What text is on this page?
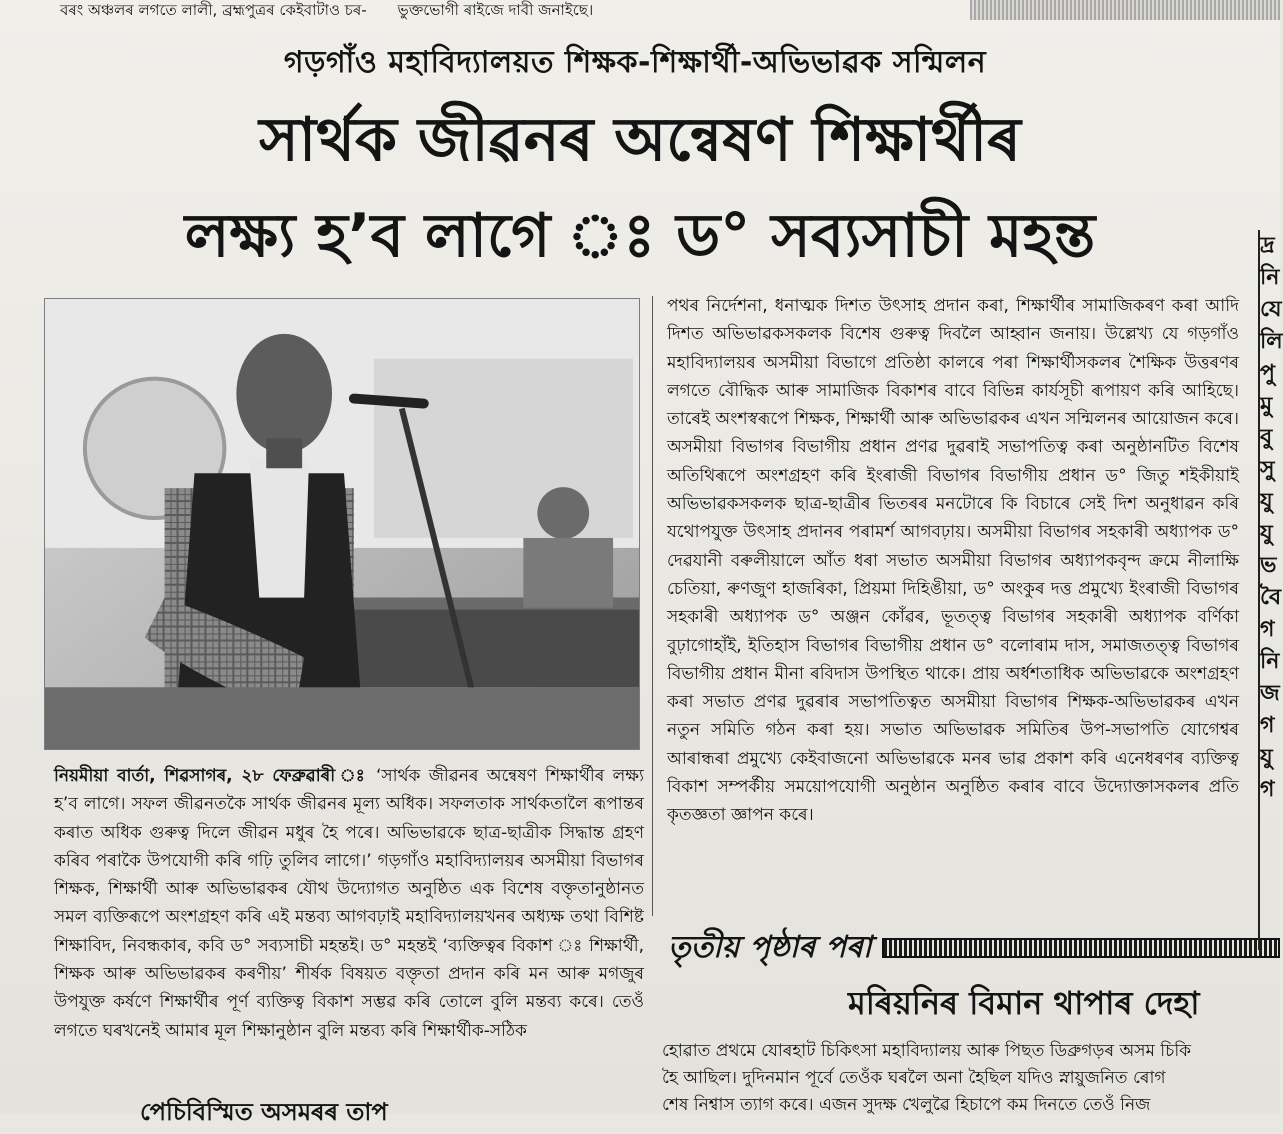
বৰং অঞ্চলৰ লগতে লালী, ব্ৰহ্মপুত্ৰৰ কেইবাটাও চৰ- ভুক্তভোগী ৰাইজে দাবী জনাইছে।
গড়গাঁও মহাবিদ্যালয়ত শিক্ষক-শিক্ষাৰ্থী-অভিভাৱক সন্মিলন
সাৰ্থক জীৱনৰ অন্বেষণ শিক্ষাৰ্থীৰ
লক্ষ্য হ’ব লাগে ঃ ড° সব্যসাচী মহন্ত

নিয়মীয়া বাৰ্তা, শিৱসাগৰ, ২৮ ফেব্ৰুৱাৰী ঃ ‘সাৰ্থক জীৱনৰ অন্বেষণ শিক্ষাৰ্থীৰ লক্ষ্য হ’ব লাগে। সফল জীৱনতকৈ সাৰ্থক জীৱনৰ মূল্য অধিক। সফলতাক সাৰ্থকতালৈ ৰূপান্তৰ কৰাত অধিক গুৰুত্ব দিলে জীৱন মধুৰ হৈ পৰে। অভিভাৱকে ছাত্ৰ-ছাত্ৰীক সিদ্ধান্ত গ্ৰহণ কৰিব পৰাকৈ উপযোগী কৰি গঢ়ি তুলিব লাগে।’ গড়গাঁও মহাবিদ্যালয়ৰ অসমীয়া বিভাগৰ শিক্ষক, শিক্ষাৰ্থী আৰু অভিভাৱকৰ যৌথ উদ্যোগত অনুষ্ঠিত এক বিশেষ বক্তৃতানুষ্ঠানত সমল ব্যক্তিৰূপে অংশগ্ৰহণ কৰি এই মন্তব্য আগবঢ়াই মহাবিদ্যালয়খনৰ অধ্যক্ষ তথা বিশিষ্ট শিক্ষাবিদ, নিবন্ধকাৰ, কবি ড° সব্যসাচী মহন্তই। ড° মহন্তই ‘ব্যক্তিত্বৰ বিকাশ ঃ শিক্ষাৰ্থী, শিক্ষক আৰু অভিভাৱকৰ কৰণীয়’ শীৰ্ষক বিষয়ত বক্তৃতা প্ৰদান কৰি মন আৰু মগজুৰ উপযুক্ত কৰ্ষণে শিক্ষাৰ্থীৰ পূৰ্ণ ব্যক্তিত্ব বিকাশ সম্ভৱ কৰি তোলে বুলি মন্তব্য কৰে। তেওঁ লগতে ঘৰখনেই আমাৰ মূল শিক্ষানুষ্ঠান বুলি মন্তব্য কৰি শিক্ষাৰ্থীক-সঠিক

পথৰ নিৰ্দেশনা, ধনাত্মক দিশত উৎসাহ প্ৰদান কৰা, শিক্ষাৰ্থীৰ সামাজিকৰণ কৰা আদি দিশত অভিভাৱকসকলক বিশেষ গুৰুত্ব দিবলৈ আহ্বান জনায়। উল্লেখ্য যে গড়গাঁও মহাবিদ্যালয়ৰ অসমীয়া বিভাগে প্ৰতিষ্ঠা কালৰে পৰা শিক্ষাৰ্থীসকলৰ শৈক্ষিক উত্তৰণৰ লগতে বৌদ্ধিক আৰু সামাজিক বিকাশৰ বাবে বিভিন্ন কাৰ্যসূচী ৰূপায়ণ কৰি আহিছে। তাৰেই অংশস্বৰূপে শিক্ষক, শিক্ষাৰ্থী আৰু অভিভাৱকৰ এখন সন্মিলনৰ আয়োজন কৰে। অসমীয়া বিভাগৰ বিভাগীয় প্ৰধান প্ৰণৱ দুৱৰাই সভাপতিত্ব কৰা অনুষ্ঠানটিত বিশেষ অতিথিৰূপে অংশগ্ৰহণ কৰি ইংৰাজী বিভাগৰ বিভাগীয় প্ৰধান ড° জিতু শইকীয়াই অভিভাৱকসকলক ছাত্ৰ-ছাত্ৰীৰ ভিতৰৰ মনটোৰে কি বিচাৰে সেই দিশ অনুধাৱন কৰি যথোপযুক্ত উৎসাহ প্ৰদানৰ পৰামৰ্শ আগবঢ়ায়। অসমীয়া বিভাগৰ সহকাৰী অধ্যাপক ড° দেৱযানী বৰুলীয়ালে আঁত ধৰা সভাত অসমীয়া বিভাগৰ অধ্যাপকবৃন্দ ক্ৰমে নীলাক্ষি চেতিয়া, ৰুণজুণ হাজৰিকা, প্ৰিয়মা দিহিঙীয়া, ড° অংকুৰ দত্ত প্ৰমুখ্যে ইংৰাজী বিভাগৰ সহকাৰী অধ্যাপক ড° অঞ্জন কোঁৱৰ, ভূতত্ত্ব বিভাগৰ সহকাৰী অধ্যাপক বৰ্ণিকা বুঢ়াগোহাঁই, ইতিহাস বিভাগৰ বিভাগীয় প্ৰধান ড° বলোৰাম দাস, সমাজতত্ত্ব বিভাগৰ বিভাগীয় প্ৰধান মীনা ৰবিদাস উপস্থিত থাকে। প্ৰায় অৰ্ধশতাধিক অভিভাৱকে অংশগ্ৰহণ কৰা সভাত প্ৰণৱ দুৱৰাৰ সভাপতিত্বত অসমীয়া বিভাগৰ শিক্ষক-অভিভাৱকৰ এখন নতুন সমিতি গঠন কৰা হয়। সভাত অভিভাৱক সমিতিৰ উপ-সভাপতি যোগেশ্বৰ আৰান্ধৰা প্ৰমুখ্যে কেইবাজনো অভিভাৱকে মনৰ ভাৱ প্ৰকাশ কৰি এনেধৰণৰ ব্যক্তিত্ব বিকাশ সম্পৰ্কীয় সময়োপযোগী অনুষ্ঠান অনুষ্ঠিত কৰাৰ বাবে উদ্যোক্তাসকলৰ প্ৰতি কৃতজ্ঞতা জ্ঞাপন কৰে।

তৃতীয় পৃষ্ঠাৰ পৰা
মৰিয়নিৰ বিমান থাপাৰ দেহা
হোৱাত প্ৰথমে যোৰহাট চিকিৎসা মহাবিদ্যালয় আৰু পিছত ডিব্ৰুগড়ৰ অসম চিকি
হৈ আছিল। দুদিনমান পূৰ্বে তেওঁক ঘৰলৈ অনা হৈছিল যদিও স্নায়ুজনিত ৰোগ
শেষ নিশ্বাস ত্যাগ কৰে। এজন সুদক্ষ খেলুৱৈ হিচাপে কম দিনতে তেওঁ নিজ
পেচিবিস্মিত অসমৰৰ তাপ
দ্ৰ
নি
যে
লি
পু
মু
বু
সু
যু
যু
ভ
বৈ
গ
নি
জ
গ
যু
গ
